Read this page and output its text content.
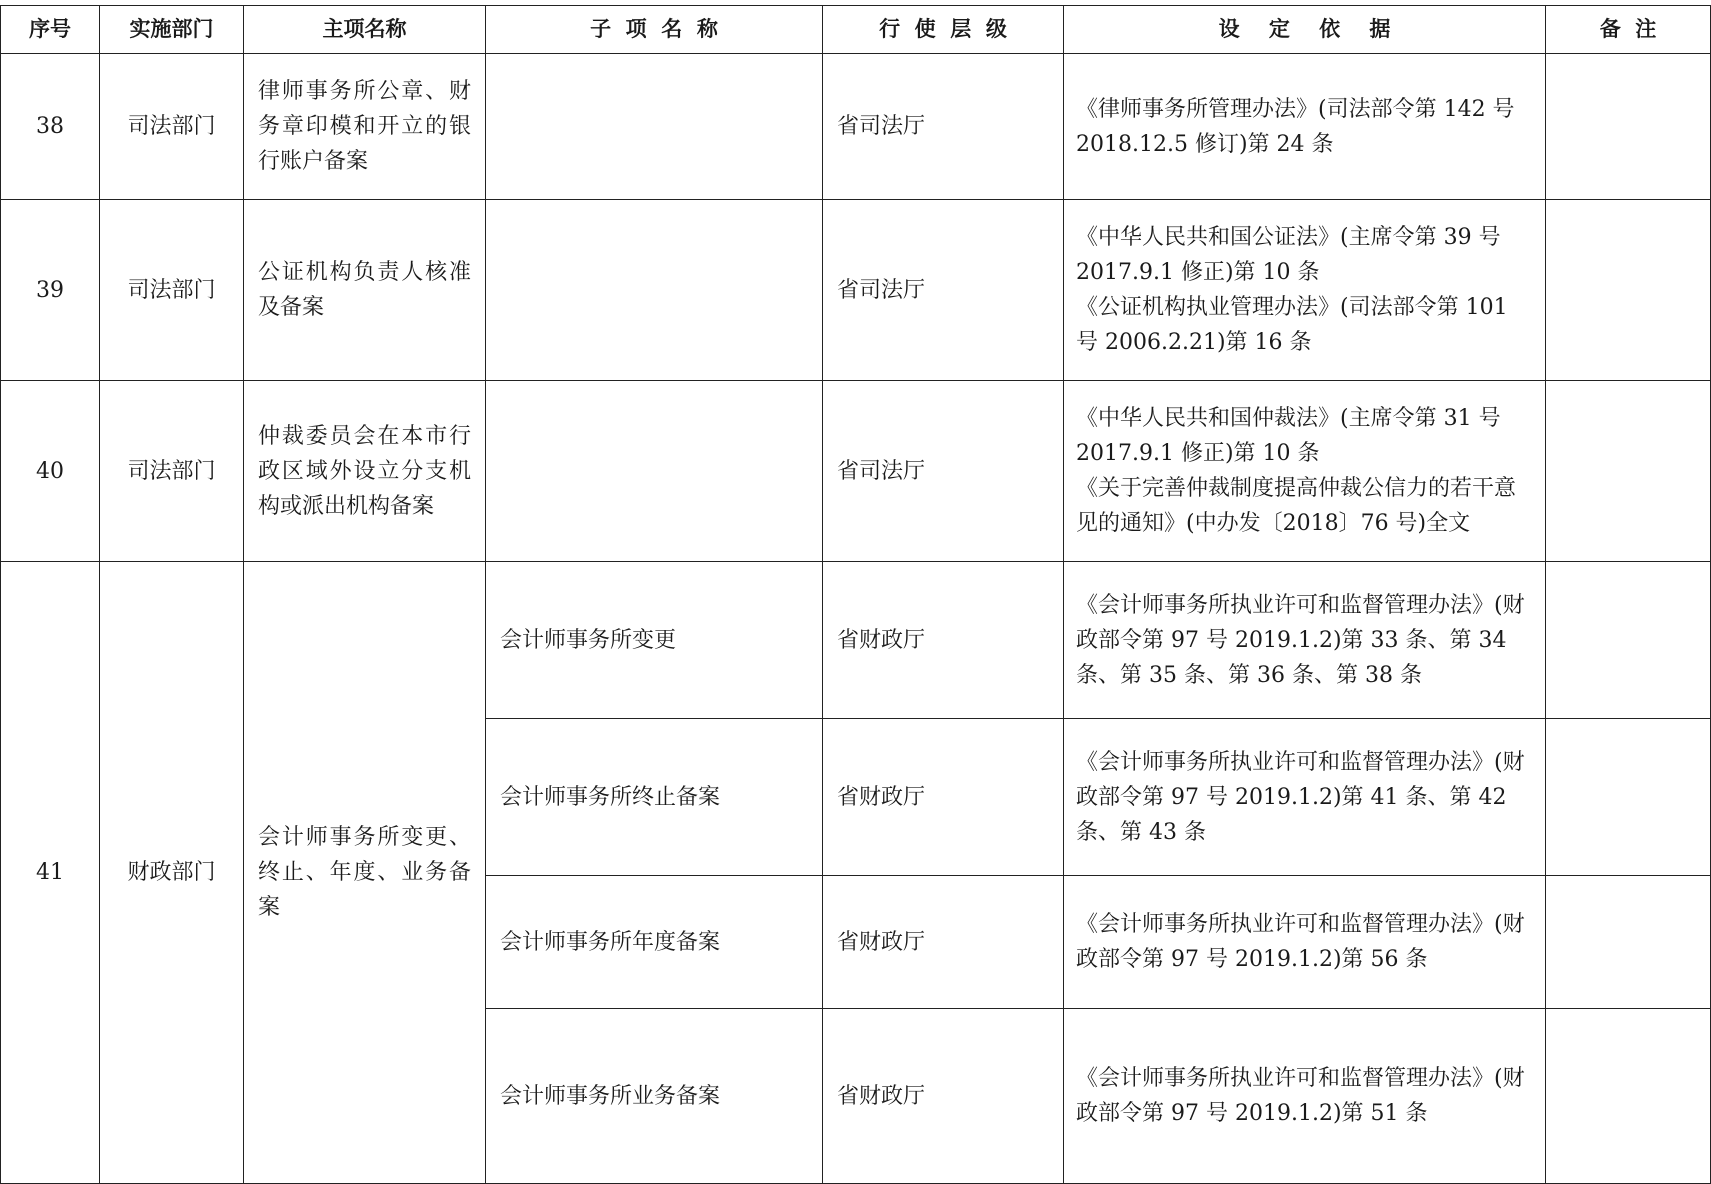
序号	实施部门	主项名称	子  项  名  称	行  使  层  级	设    定    依    据	备  注
38	司法部门	律师事务所公章、财务章印模和开立的银行账户备案		省司法厅	《律师事务所管理办法》(司法部令第 142 号 2018.12.5 修订)第 24 条	

39	司法部门	公证机构负责人核准及备案		省司法厅	《中华人民共和国公证法》(主席令第 39 号 2017.9.1 修正)第 10 条
《公证机构执业管理办法》(司法部令第 101 号 2006.2.21)第 16 条	

40	司法部门	仲裁委员会在本市行政区域外设立分支机构或派出机构备案		省司法厅	《中华人民共和国仲裁法》(主席令第 31 号 2017.9.1 修正)第 10 条
《关于完善仲裁制度提高仲裁公信力的若干意见的通知》(中办发〔2018〕76 号)全文	

41	财政部门	会计师事务所变更、终止、年度、业务备案	会计师事务所变更	省财政厅	《会计师事务所执业许可和监督管理办法》(财政部令第 97 号 2019.1.2)第 33 条、第 34 条、第 35 条、第 36 条、第 38 条	
			会计师事务所终止备案	省财政厅	《会计师事务所执业许可和监督管理办法》(财政部令第 97 号 2019.1.2)第 41 条、第 42 条、第 43 条	
			会计师事务所年度备案	省财政厅	《会计师事务所执业许可和监督管理办法》(财政部令第 97 号 2019.1.2)第 56 条	
			会计师事务所业务备案	省财政厅	《会计师事务所执业许可和监督管理办法》(财政部令第 97 号 2019.1.2)第 51 条	
